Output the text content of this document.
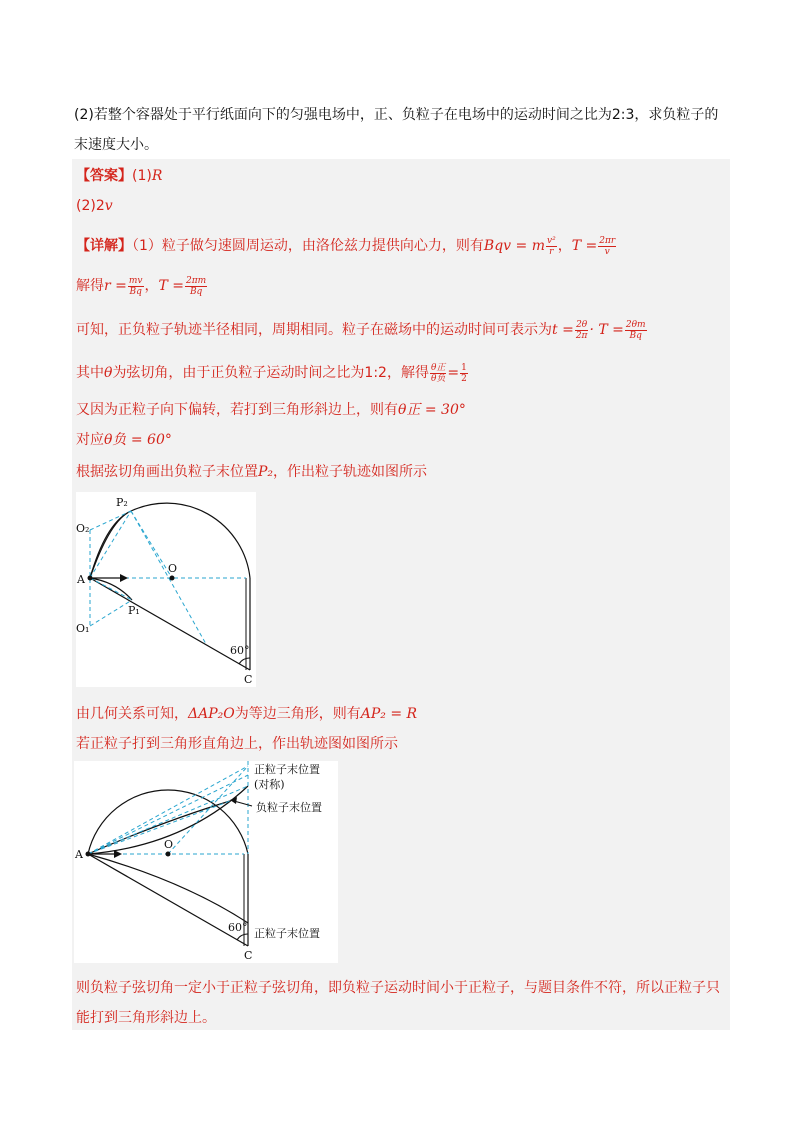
(2)若整个容器处于平行纸面向下的匀强电场中，正、负粒子在电场中的运动时间之比为2:3，求负粒子的末速度大小。
【答案】(1)R
(2)2v
【详解】（1）粒子做匀速圆周运动，由洛伦兹力提供向心力，则有Bqv = m $\frac{\text{v²}}{r}$ ，$T = \frac{2\pi r}{v}$
解得$r = \frac{mv}{Bq}$ ，$T = \frac{2\pi m}{Bq}$
可知，正负粒子轨迹半径相同，周期相同。粒子在磁场中的运动时间可表示为$t = \frac{2\theta}{2\pi} \cdot T = \frac{2\theta m}{Bq}$
其中θ为弦切角，由于正负粒子运动时间之比为1:2，解得 $\frac{\text{θ正}}{\text{θ负}} = \frac{1}{2}$
又因为正粒子向下偏转，若打到三角形斜边上，则有θ正 = 30°
对应θ负 = 60°
根据弦切角画出负粒子末位置P₂，作出粒子轨迹如图所示
P₂
O₂
O
A
P₁
O₁
60°
C
由几何关系可知，ΔAP₂O为等边三角形，则有AP₂ = R
若正粒子打到三角形直角边上，作出轨迹图如图所示
正粒子末位置
(对称)
负粒子末位置
A
O
60° 正粒子末位置
C
则负粒子弦切角一定小于正粒子弦切角，即负粒子运动时间小于正粒子，与题目条件不符，所以正粒子只
能打到三角形斜边上。
